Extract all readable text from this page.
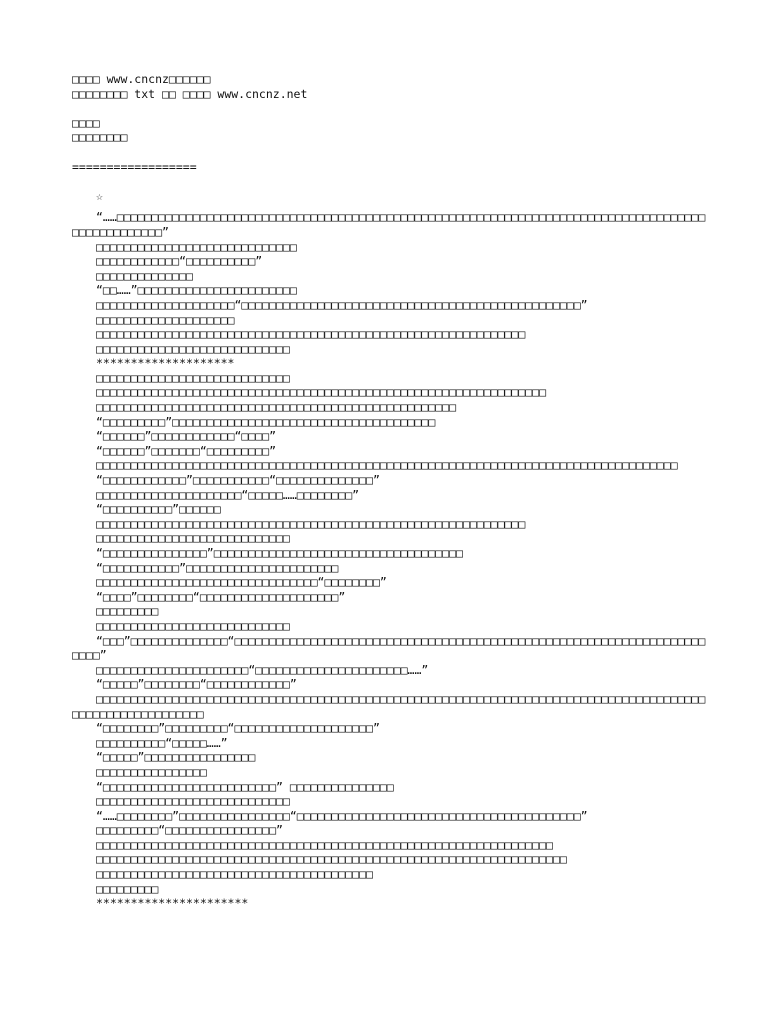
□□□□ www.cncnz□□□□□□
□□□□□□□□ txt □□ □□□□ www.cncnz.net
□□□□
□□□□□□□□
==================
☆
“……□□□□□□□□□□□□□□□□□□□□□□□□□□□□□□□□□□□□□□□□□□□□□□□□□□□□□□□□□□□□□□□□□□□□□□□□□□□□□□□□□□□□□□□□□□□□□□□□□□”
□□□□□□□□□□□□□□□□□□□□□□□□□□□□□
□□□□□□□□□□□□“□□□□□□□□□□”
□□□□□□□□□□□□□□
“□□……”□□□□□□□□□□□□□□□□□□□□□□□
□□□□□□□□□□□□□□□□□□□□“□□□□□□□□□□□□□□□□□□□□□□□□□□□□□□□□□□□□□□□□□□□□□□□□□”
□□□□□□□□□□□□□□□□□□□□
□□□□□□□□□□□□□□□□□□□□□□□□□□□□□□□□□□□□□□□□□□□□□□□□□□□□□□□□□□□□□□
□□□□□□□□□□□□□□□□□□□□□□□□□□□□
********************
□□□□□□□□□□□□□□□□□□□□□□□□□□□□
□□□□□□□□□□□□□□□□□□□□□□□□□□□□□□□□□□□□□□□□□□□□□□□□□□□□□□□□□□□□□□□□□
□□□□□□□□□□□□□□□□□□□□□□□□□□□□□□□□□□□□□□□□□□□□□□□□□□□□
“□□□□□□□□□”□□□□□□□□□□□□□□□□□□□□□□□□□□□□□□□□□□□□□□
“□□□□□□”□□□□□□□□□□□□“□□□□”
“□□□□□□”□□□□□□□“□□□□□□□□□”
□□□□□□□□□□□□□□□□□□□□□□□□□□□□□□□□□□□□□□□□□□□□□□□□□□□□□□□□□□□□□□□□□□□□□□□□□□□□□□□□□□□□
“□□□□□□□□□□□□”□□□□□□□□□□□“□□□□□□□□□□□□□□”
□□□□□□□□□□□□□□□□□□□□□“□□□□□……□□□□□□□□”
“□□□□□□□□□□”□□□□□□
□□□□□□□□□□□□□□□□□□□□□□□□□□□□□□□□□□□□□□□□□□□□□□□□□□□□□□□□□□□□□□
□□□□□□□□□□□□□□□□□□□□□□□□□□□□
“□□□□□□□□□□□□□□□”□□□□□□□□□□□□□□□□□□□□□□□□□□□□□□□□□□□□
“□□□□□□□□□□□”□□□□□□□□□□□□□□□□□□□□□□
□□□□□□□□□□□□□□□□□□□□□□□□□□□□□□□□“□□□□□□□□”
“□□□□”□□□□□□□□“□□□□□□□□□□□□□□□□□□□□”
□□□□□□□□□
□□□□□□□□□□□□□□□□□□□□□□□□□□□□
“□□□”□□□□□□□□□□□□□□“□□□□□□□□□□□□□□□□□□□□□□□□□□□□□□□□□□□□□□□□□□□□□□□□□□□□□□□□□□□□□□□□□□□□□□□□”
□□□□□□□□□□□□□□□□□□□□□□“□□□□□□□□□□□□□□□□□□□□□□……”
“□□□□□”□□□□□□□□“□□□□□□□□□□□□”
□□□□□□□□□□□□□□□□□□□□□□□□□□□□□□□□□□□□□□□□□□□□□□□□□□□□□□□□□□□□□□□□□□□□□□□□□□□□□□□□□□□□□□□□□□□□□□□□□□□□□□□□□□□
“□□□□□□□□”□□□□□□□□□“□□□□□□□□□□□□□□□□□□□□”
□□□□□□□□□□“□□□□□……”
“□□□□□”□□□□□□□□□□□□□□□□
□□□□□□□□□□□□□□□□
“□□□□□□□□□□□□□□□□□□□□□□□□□” □□□□□□□□□□□□□□□
□□□□□□□□□□□□□□□□□□□□□□□□□□□□
“……□□□□□□□□”□□□□□□□□□□□□□□□□“□□□□□□□□□□□□□□□□□□□□□□□□□□□□□□□□□□□□□□□□□”
□□□□□□□□□“□□□□□□□□□□□□□□□□”
□□□□□□□□□□□□□□□□□□□□□□□□□□□□□□□□□□□□□□□□□□□□□□□□□□□□□□□□□□□□□□□□□□
□□□□□□□□□□□□□□□□□□□□□□□□□□□□□□□□□□□□□□□□□□□□□□□□□□□□□□□□□□□□□□□□□□□□
□□□□□□□□□□□□□□□□□□□□□□□□□□□□□□□□□□□□□□□□
□□□□□□□□□
**********************
